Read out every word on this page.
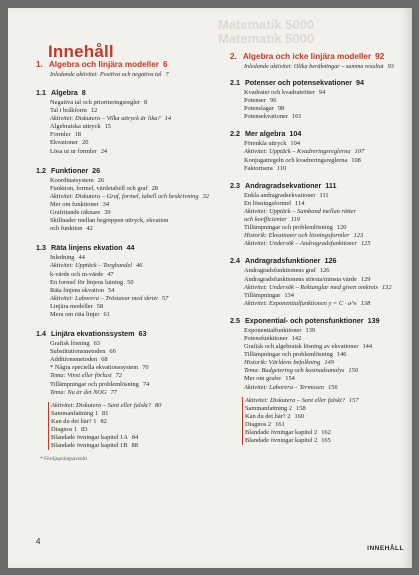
Matematik 5000
Matematik 5000
Innehåll
1. Algebra och linjära modeller 6
Inledande aktivitet: Positiva och negativa tal 7
1.1 Algebra 8
Negativa tal och prioriteringsregler 8
Tal i bråkform 12
Aktivitet: Diskutera – Vilka uttryck är lika? 14
Algebraiska uttryck 15
Formler 18
Ekvationer 20
Lösa ut ur formler 24
1.2 Funktioner 26
Koordinatsystem 26
Funktion, formel, värdetabell och graf 28
Aktivitet: Diskutera – Graf, formel, tabell och beskrivning 32
Mer om funktioner 34
Grafritande räknare 39
Skillnader mellan begreppen uttryck, ekvation
och funktion 42
1.3 Räta linjens ekvation 44
Inledning 44
Aktivitet: Upptäck – Torghandel 46
k-värde och m-värde 47
En formel för linjens lutning 50
Räta linjens ekvation 54
Aktivitet: Laborera – Trästavar med skruv 57
Linjära modeller 58
Mera om räta linjer 61
1.4 Linjära ekvationssystem 63
Grafisk lösning 63
Substitutionsmetoden 66
Additionsmetoden 68
* Några speciella ekvationssystem 70
Tema: Vinst eller förlust 72
Tillämpningar och problemlösning 74
Tema: Nu är det NOG 77
Aktivitet: Diskutera – Sant eller falskt? 80
Sammanfattning 1 81
Kan du det här? 1 82
Diagnos 1 83
Blandade övningar kapitel 1A 84
Blandade övningar kapitel 1B 88
* Fördjupningsavsnitt
2. Algebra och icke linjära modeller 92
Inledande aktivitet: Olika beräkningar – samma resultat 93
2.1 Potenser och potensekvationer 94
Kvadrater och kvadratrötter 94
Potenser 96
Potenslagar 98
Potensekvationer 101
2.2 Mer algebra 104
Förenkla uttryck 104
Aktivitet: Upptäck – Kvadreringsreglerna 107
Konjugatregeln och kvadreringsreglerna 108
Faktorisera 110
2.3 Andragradsekvationer 111
Enkla andragradsekvationer 111
En lösningsformel 114
Aktivitet: Upptäck – Samband mellan rötter
och koefficienter 119
Tillämpningar och problemlösning 120
Historik: Ekvationer och lösningsformler 123
Aktivitet: Undersök – Andragradsfunktioner 125
2.4 Andragradsfunktioner 126
Andragradsfunktionens graf 126
Andragradsfunktionens största/minsta värde 129
Aktivitet: Undersök – Rektanglar med given omkrets 132
Tillämpningar 134
Aktivitet: Exponentialfunktionen y = C · a^x 138
2.5 Exponential- och potensfunktioner 139
Exponentialfunktioner 139
Potensfunktioner 142
Grafisk och algebraisk lösning av ekvationer 144
Tillämpningar och problemlösning 146
Historik: Världens befolkning 149
Tema: Budgetering och kostnadsanalys 150
Mer om grafer 154
Aktivitet: Laborera – Termosen 156
Aktivitet: Diskutera – Sant eller falskt? 157
Sammanfattning 2 158
Kan du det här? 2 160
Diagnos 2 161
Blandade övningar kapitel 2 162
Blandade övningar kapitel 2 165
4
INNEHÅLL
